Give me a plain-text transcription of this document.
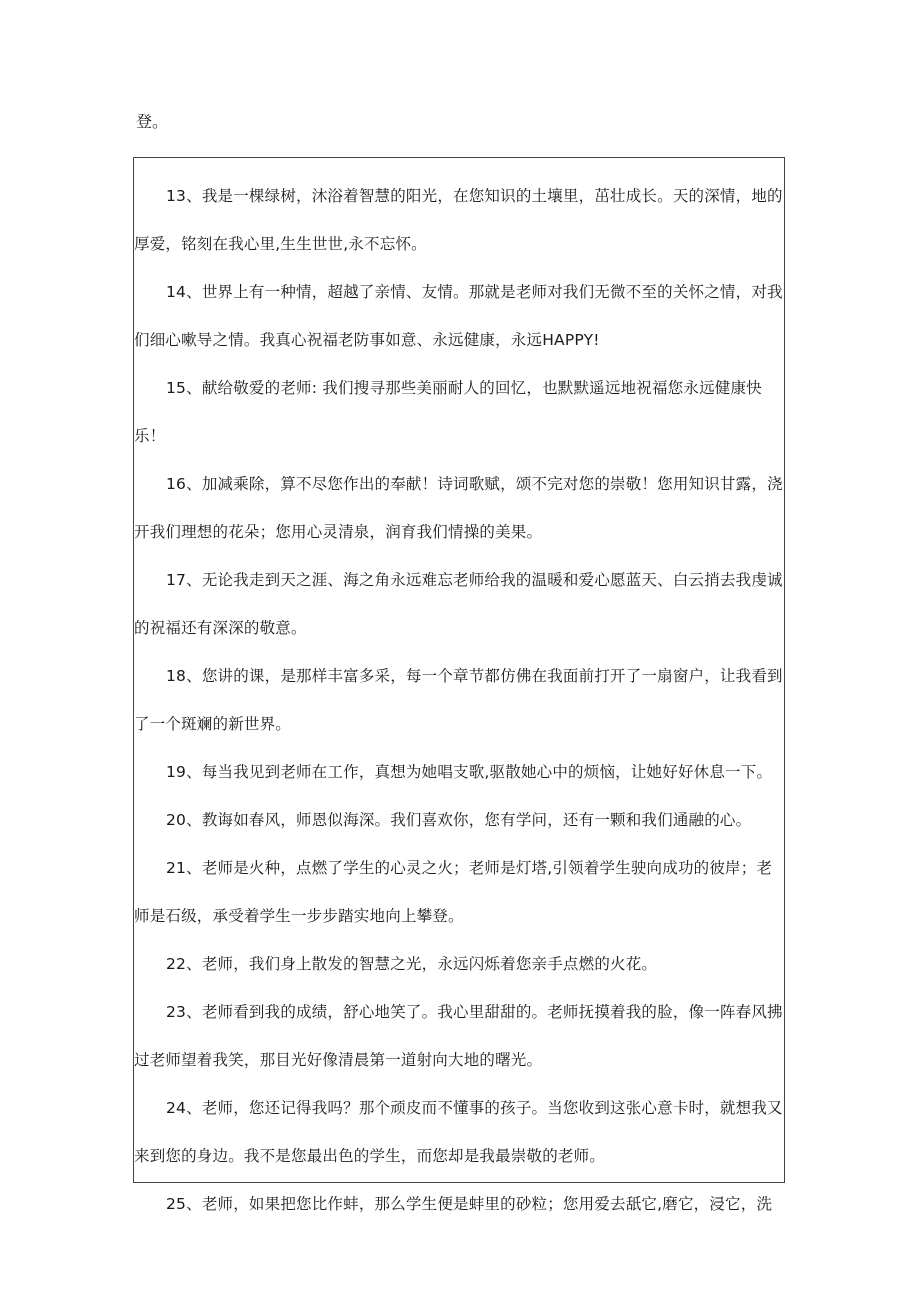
登。

13、我是一棵绿树，沐浴着智慧的阳光，在您知识的土壤里，茁壮成长。天的深情，地的厚爱，铭刻在我心里,生生世世,永不忘怀。

14、世界上有一种情，超越了亲情、友情。那就是老师对我们无微不至的关怀之情，对我们细心嗽导之情。我真心祝福老防事如意、永远健康，永远HAPPY!

15、献给敬爱的老师: 我们搜寻那些美丽耐人的回忆，也默默遥远地祝福您永远健康快乐！

16、加减乘除，算不尽您作出的奉献！诗词歌赋，颂不完对您的崇敬！您用知识甘露，浇开我们理想的花朵；您用心灵清泉，润育我们情操的美果。

17、无论我走到天之涯、海之角永远难忘老师给我的温暖和爱心愿蓝天、白云捎去我虔诚的祝福还有深深的敬意。

18、您讲的课，是那样丰富多采，每一个章节都仿佛在我面前打开了一扇窗户，让我看到了一个斑斓的新世界。

19、每当我见到老师在工作，真想为她唱支歌,驱散她心中的烦恼，让她好好休息一下。

20、教诲如春风，师恩似海深。我们喜欢你，您有学问，还有一颗和我们通融的心。

21、老师是火种，点燃了学生的心灵之火；老师是灯塔,引领着学生驶向成功的彼岸；老师是石级，承受着学生一步步踏实地向上攀登。

22、老师，我们身上散发的智慧之光，永远闪烁着您亲手点燃的火花。

23、老师看到我的成绩，舒心地笑了。我心里甜甜的。老师抚摸着我的脸，像一阵春风拂过老师望着我笑，那目光好像清晨第一道射向大地的曙光。

24、老师，您还记得我吗？那个顽皮而不懂事的孩子。当您收到这张心意卡时，就想我又来到您的身边。我不是您最出色的学生，而您却是我最崇敬的老师。

25、老师，如果把您比作蚌，那么学生便是蚌里的砂粒；您用爱去舐它,磨它，浸它，洗
